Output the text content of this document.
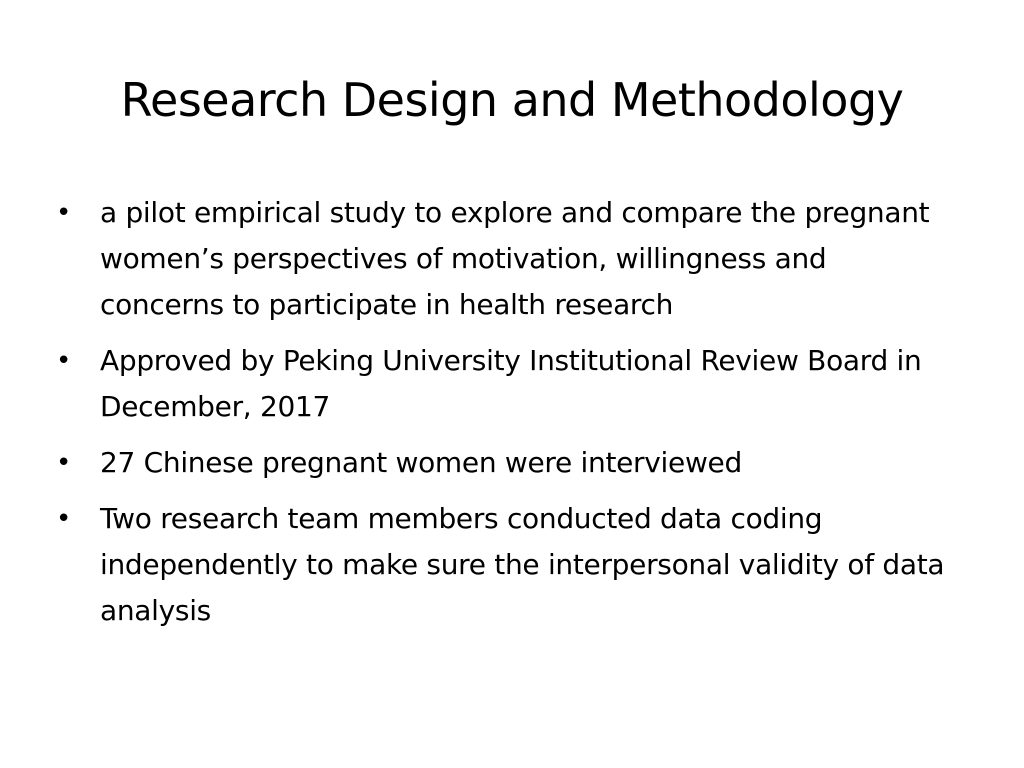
Research Design and Methodology
•	a pilot empirical study to explore and compare the pregnant women’s perspectives of motivation, willingness and concerns to participate in health research
•	Approved by Peking University Institutional Review Board in December, 2017
•	27 Chinese pregnant women were interviewed
•	Two research team members conducted data coding independently to make sure the interpersonal validity of data analysis
